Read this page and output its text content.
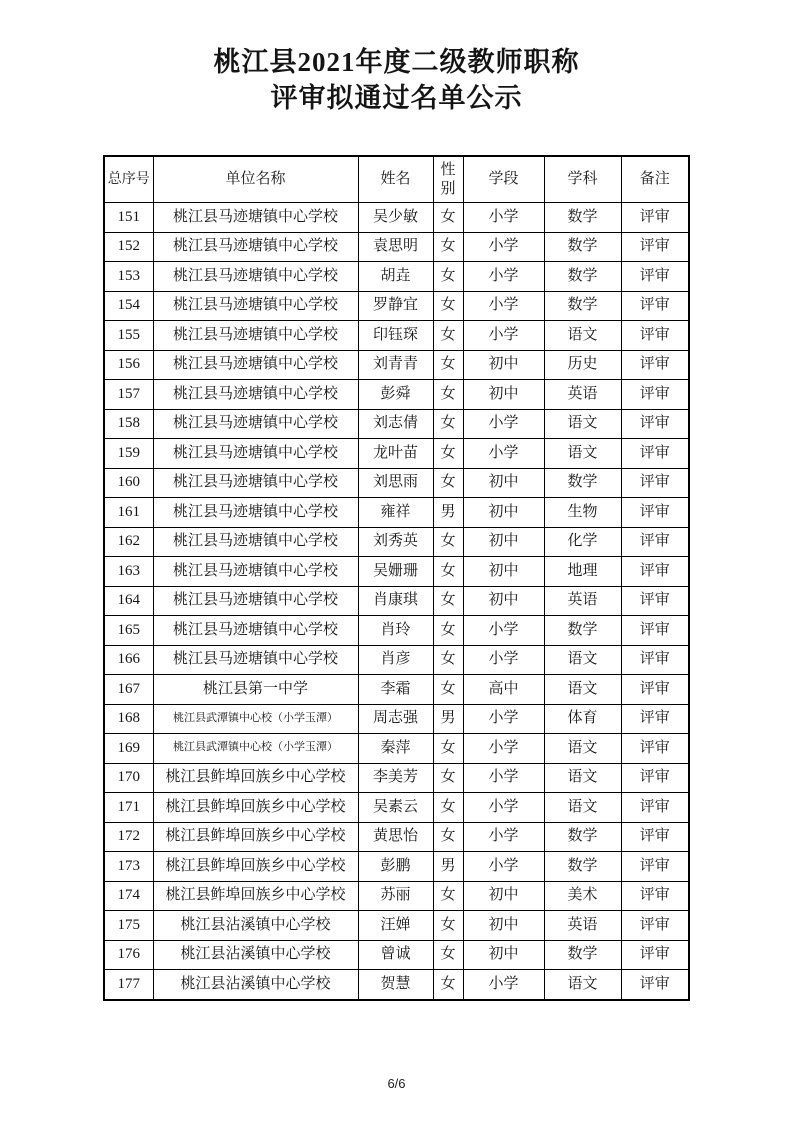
桃江县2021年度二级教师职称
评审拟通过名单公示
总序号	单位名称	姓名	性别	学段	学科	备注
151	桃江县马迹塘镇中心学校	吴少敏	女	小学	数学	评审
152	桃江县马迹塘镇中心学校	袁思明	女	小学	数学	评审
153	桃江县马迹塘镇中心学校	胡垚	女	小学	数学	评审
154	桃江县马迹塘镇中心学校	罗静宜	女	小学	数学	评审
155	桃江县马迹塘镇中心学校	印钰琛	女	小学	语文	评审
156	桃江县马迹塘镇中心学校	刘青青	女	初中	历史	评审
157	桃江县马迹塘镇中心学校	彭舜	女	初中	英语	评审
158	桃江县马迹塘镇中心学校	刘志倩	女	小学	语文	评审
159	桃江县马迹塘镇中心学校	龙叶苗	女	小学	语文	评审
160	桃江县马迹塘镇中心学校	刘思雨	女	初中	数学	评审
161	桃江县马迹塘镇中心学校	雍祥	男	初中	生物	评审
162	桃江县马迹塘镇中心学校	刘秀英	女	初中	化学	评审
163	桃江县马迹塘镇中心学校	吴姗珊	女	初中	地理	评审
164	桃江县马迹塘镇中心学校	肖康琪	女	初中	英语	评审
165	桃江县马迹塘镇中心学校	肖玲	女	小学	数学	评审
166	桃江县马迹塘镇中心学校	肖彦	女	小学	语文	评审
167	桃江县第一中学	李霜	女	高中	语文	评审
168	桃江县武潭镇中心校（小学玉潭）	周志强	男	小学	体育	评审
169	桃江县武潭镇中心校（小学玉潭）	秦萍	女	小学	语文	评审
170	桃江县鲊埠回族乡中心学校	李美芳	女	小学	语文	评审
171	桃江县鲊埠回族乡中心学校	吴素云	女	小学	语文	评审
172	桃江县鲊埠回族乡中心学校	黄思怡	女	小学	数学	评审
173	桃江县鲊埠回族乡中心学校	彭鹏	男	小学	数学	评审
174	桃江县鲊埠回族乡中心学校	苏丽	女	初中	美术	评审
175	桃江县沾溪镇中心学校	汪婵	女	初中	英语	评审
176	桃江县沾溪镇中心学校	曾诚	女	初中	数学	评审
177	桃江县沾溪镇中心学校	贺慧	女	小学	语文	评审
6/6
